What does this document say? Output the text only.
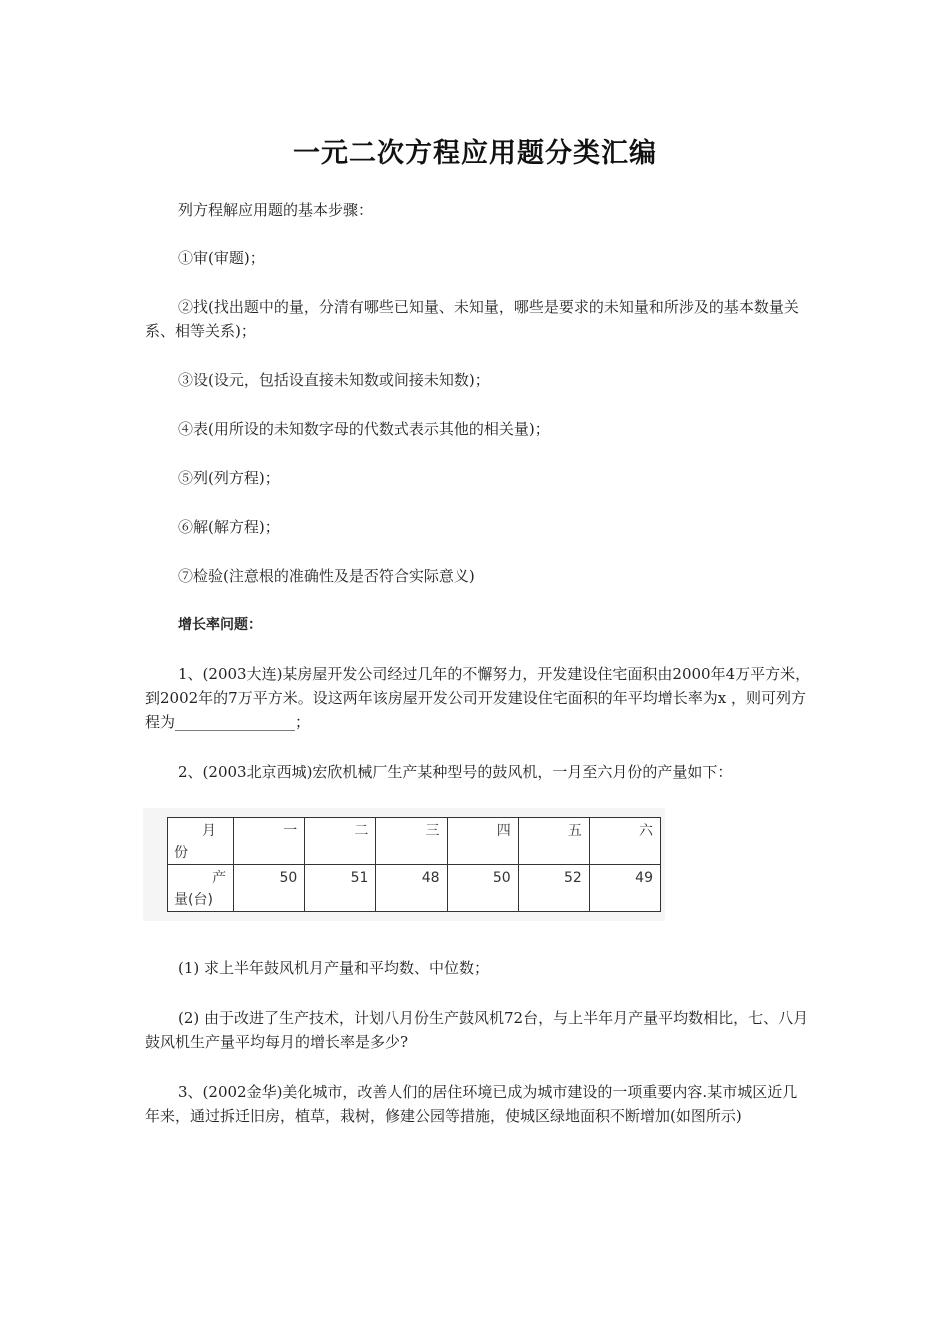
一元二次方程应用题分类汇编

列方程解应用题的基本步骤：

①审(审题)；

②找(找出题中的量，分清有哪些已知量、未知量，哪些是要求的未知量和所涉及的基本数量关系、相等关系)；

③设(设元，包括设直接未知数或间接未知数)；

④表(用所设的未知数字母的代数式表示其他的相关量)；

⑤列(列方程)；

⑥解(解方程)；

⑦检验(注意根的准确性及是否符合实际意义)

增长率问题：

1、(2003大连)某房屋开发公司经过几年的不懈努力，开发建设住宅面积由2000年4万平方米，到2002年的7万平方米。设这两年该房屋开发公司开发建设住宅面积的年平均增长率为x ，则可列方程为________________；

2、(2003北京西城)宏欣机械厂生产某种型号的鼓风机，一月至六月份的产量如下：

月
份	一	二	三	四	五	六

产
量(台)	50	51	48	50	52	49

(1) 求上半年鼓风机月产量和平均数、中位数；

(2) 由于改进了生产技术，计划八月份生产鼓风机72台，与上半年月产量平均数相比，七、八月鼓风机生产量平均每月的增长率是多少?

3、(2002金华)美化城市，改善人们的居住环境已成为城市建设的一项重要内容.某市城区近几年来，通过拆迁旧房，植草，栽树，修建公园等措施，使城区绿地面积不断增加(如图所示)
